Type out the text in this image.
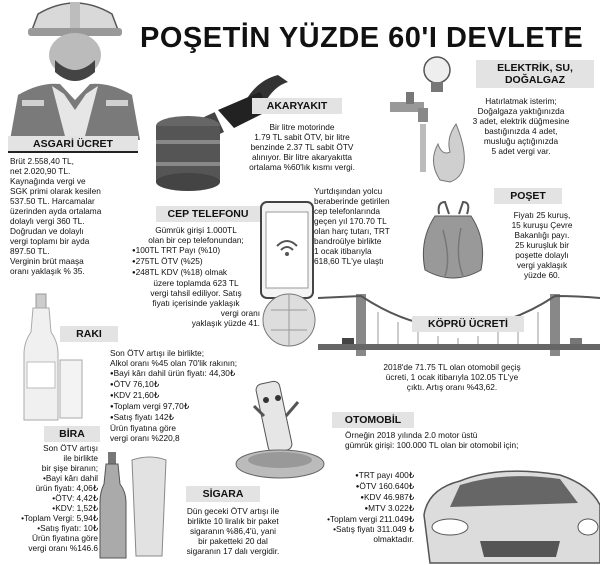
POŞETİN YÜZDE 60'I DEVLETE
ASGARİ ÜCRET

Brüt 2.558,40 TL,

net 2.020,90 TL.

Kaynağında vergi ve

SGK primi olarak kesilen

537.50 TL. Harcamalar

üzerinden ayda ortalama

dolaylı vergi 360 TL.

Doğrudan ve dolaylı

vergi toplamı bir ayda

897.50 TL.

Verginin brüt maaşa

oranı yaklaşık % 35.

AKARYAKIT

Bir litre motorinde

1.79 TL sabit ÖTV, bir litre

benzinde 2.37 TL sabit ÖTV

alınıyor. Bir litre akaryakıtta

ortalama %60'lık kısmı vergi.

ELEKTRİK, SU,
DOĞALGAZ

Hatırlatmak isterim;

Doğalgaza yaktığınızda

3 adet, elektrik düğmesine

bastığınızda 4 adet,

musluğu açtığınızda

5 adet vergi var.

CEP TELEFONU

Gümrük girişi 1.000TL

olan bir cep telefonundan;

● 100TL TRT Payı (%10)
● 275TL ÖTV (%25)
● 248TL KDV (%18) olmak

üzere toplamda 623 TL

vergi tahsil ediliyor. Satış

fiyatı içerisinde yaklaşık

vergi oranı

yaklaşık yüzde 41.

Yurtdışından yolcu

beraberinde getirilen

cep telefonlarında

geçen yıl 170.70 TL

olan harç tutarı, TRT

bandroülye birlikte

1 ocak itibarıyla

618,60 TL'ye ulaştı

POŞET

Fiyatı 25 kuruş,

15 kuruşu Çevre

Bakanlığı payı.

25 kuruşluk bir

poşette dolaylı

vergi yaklaşık

yüzde 60.

RAKI

Son ÖTV artışı ile birlikte;

Alkol oranı %45 olan 70'lik rakının;

● Bayi kârı dahil ürün fiyatı: 44,30₺
● ÖTV 76,10₺
● KDV 21,60₺
● Toplam vergi 97,70₺
● Satış fiyatı 142₺

Ürün fiyatına göre

vergi oranı %220,8

KÖPRÜ ÜCRETİ

2018'de 71.75 TL olan otomobil geçiş

ücreti, 1 ocak itibarıyla 102.05 TL'ye

çıktı. Artış oranı %43,62.

BİRA

Son ÖTV artışı

ile birlikte

bir şişe biranın;

•Bayi kârı dahil

ürün fiyatı: 4,06₺

•ÖTV: 4,42₺

•KDV: 1,52₺

•Toplam Vergi: 5,94₺

•Satış fiyatı: 10₺

Ürün fiyatına göre

vergi oranı %146.6

SİGARA

Dün geceki ÖTV artışı ile

birlikte 10 liralık bir paket

sigaranın %86,4'ü, yani

bir paketteki 20 dal

sigaranın 17 dalı vergidir.

OTOMOBİL

Örneğin 2018 yılında 2.0 motor üstü

gümrük girişi: 100.000 TL olan bir otomobil için;

● TRT payı 400₺
● ÖTV 160.640₺
● KDV 46.987₺
● MTV 3.022₺

•Toplam vergi 211.049₺

•Satış fiyatı 311.049 ₺

olmaktadır.
